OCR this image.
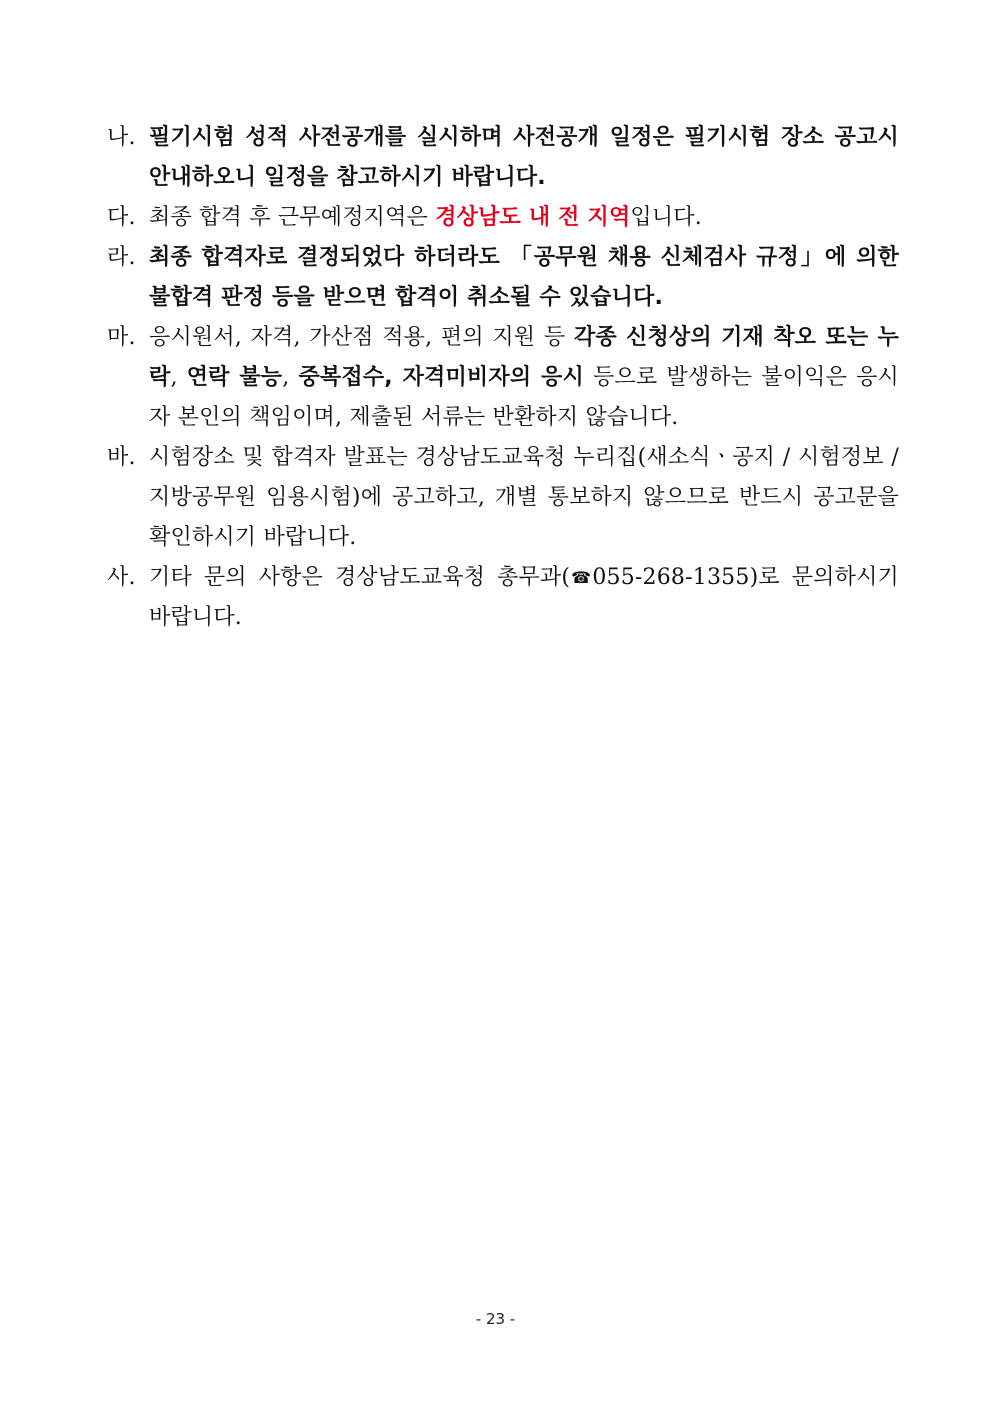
나. 필기시험 성적 사전공개를 실시하며 사전공개 일정은 필기시험 장소 공고시 안내하오니 일정을 참고하시기 바랍니다.
다. 최종 합격 후 근무예정지역은 경상남도 내 전 지역입니다.
라. 최종 합격자로 결정되었다 하더라도 「공무원 채용 신체검사 규정」에 의한 불합격 판정 등을 받으면 합격이 취소될 수 있습니다.
마. 응시원서, 자격, 가산점 적용, 편의 지원 등 각종 신청상의 기재 착오 또는 누락, 연락 불능, 중복접수, 자격미비자의 응시 등으로 발생하는 불이익은 응시자 본인의 책임이며, 제출된 서류는 반환하지 않습니다.
바. 시험장소 및 합격자 발표는 경상남도교육청 누리집(새소식ㆍ공지 / 시험정보 / 지방공무원 임용시험)에 공고하고, 개별 통보하지 않으므로 반드시 공고문을 확인하시기 바랍니다.
사. 기타 문의 사항은 경상남도교육청 총무과(☎055-268-1355)로 문의하시기 바랍니다.
- 23 -
